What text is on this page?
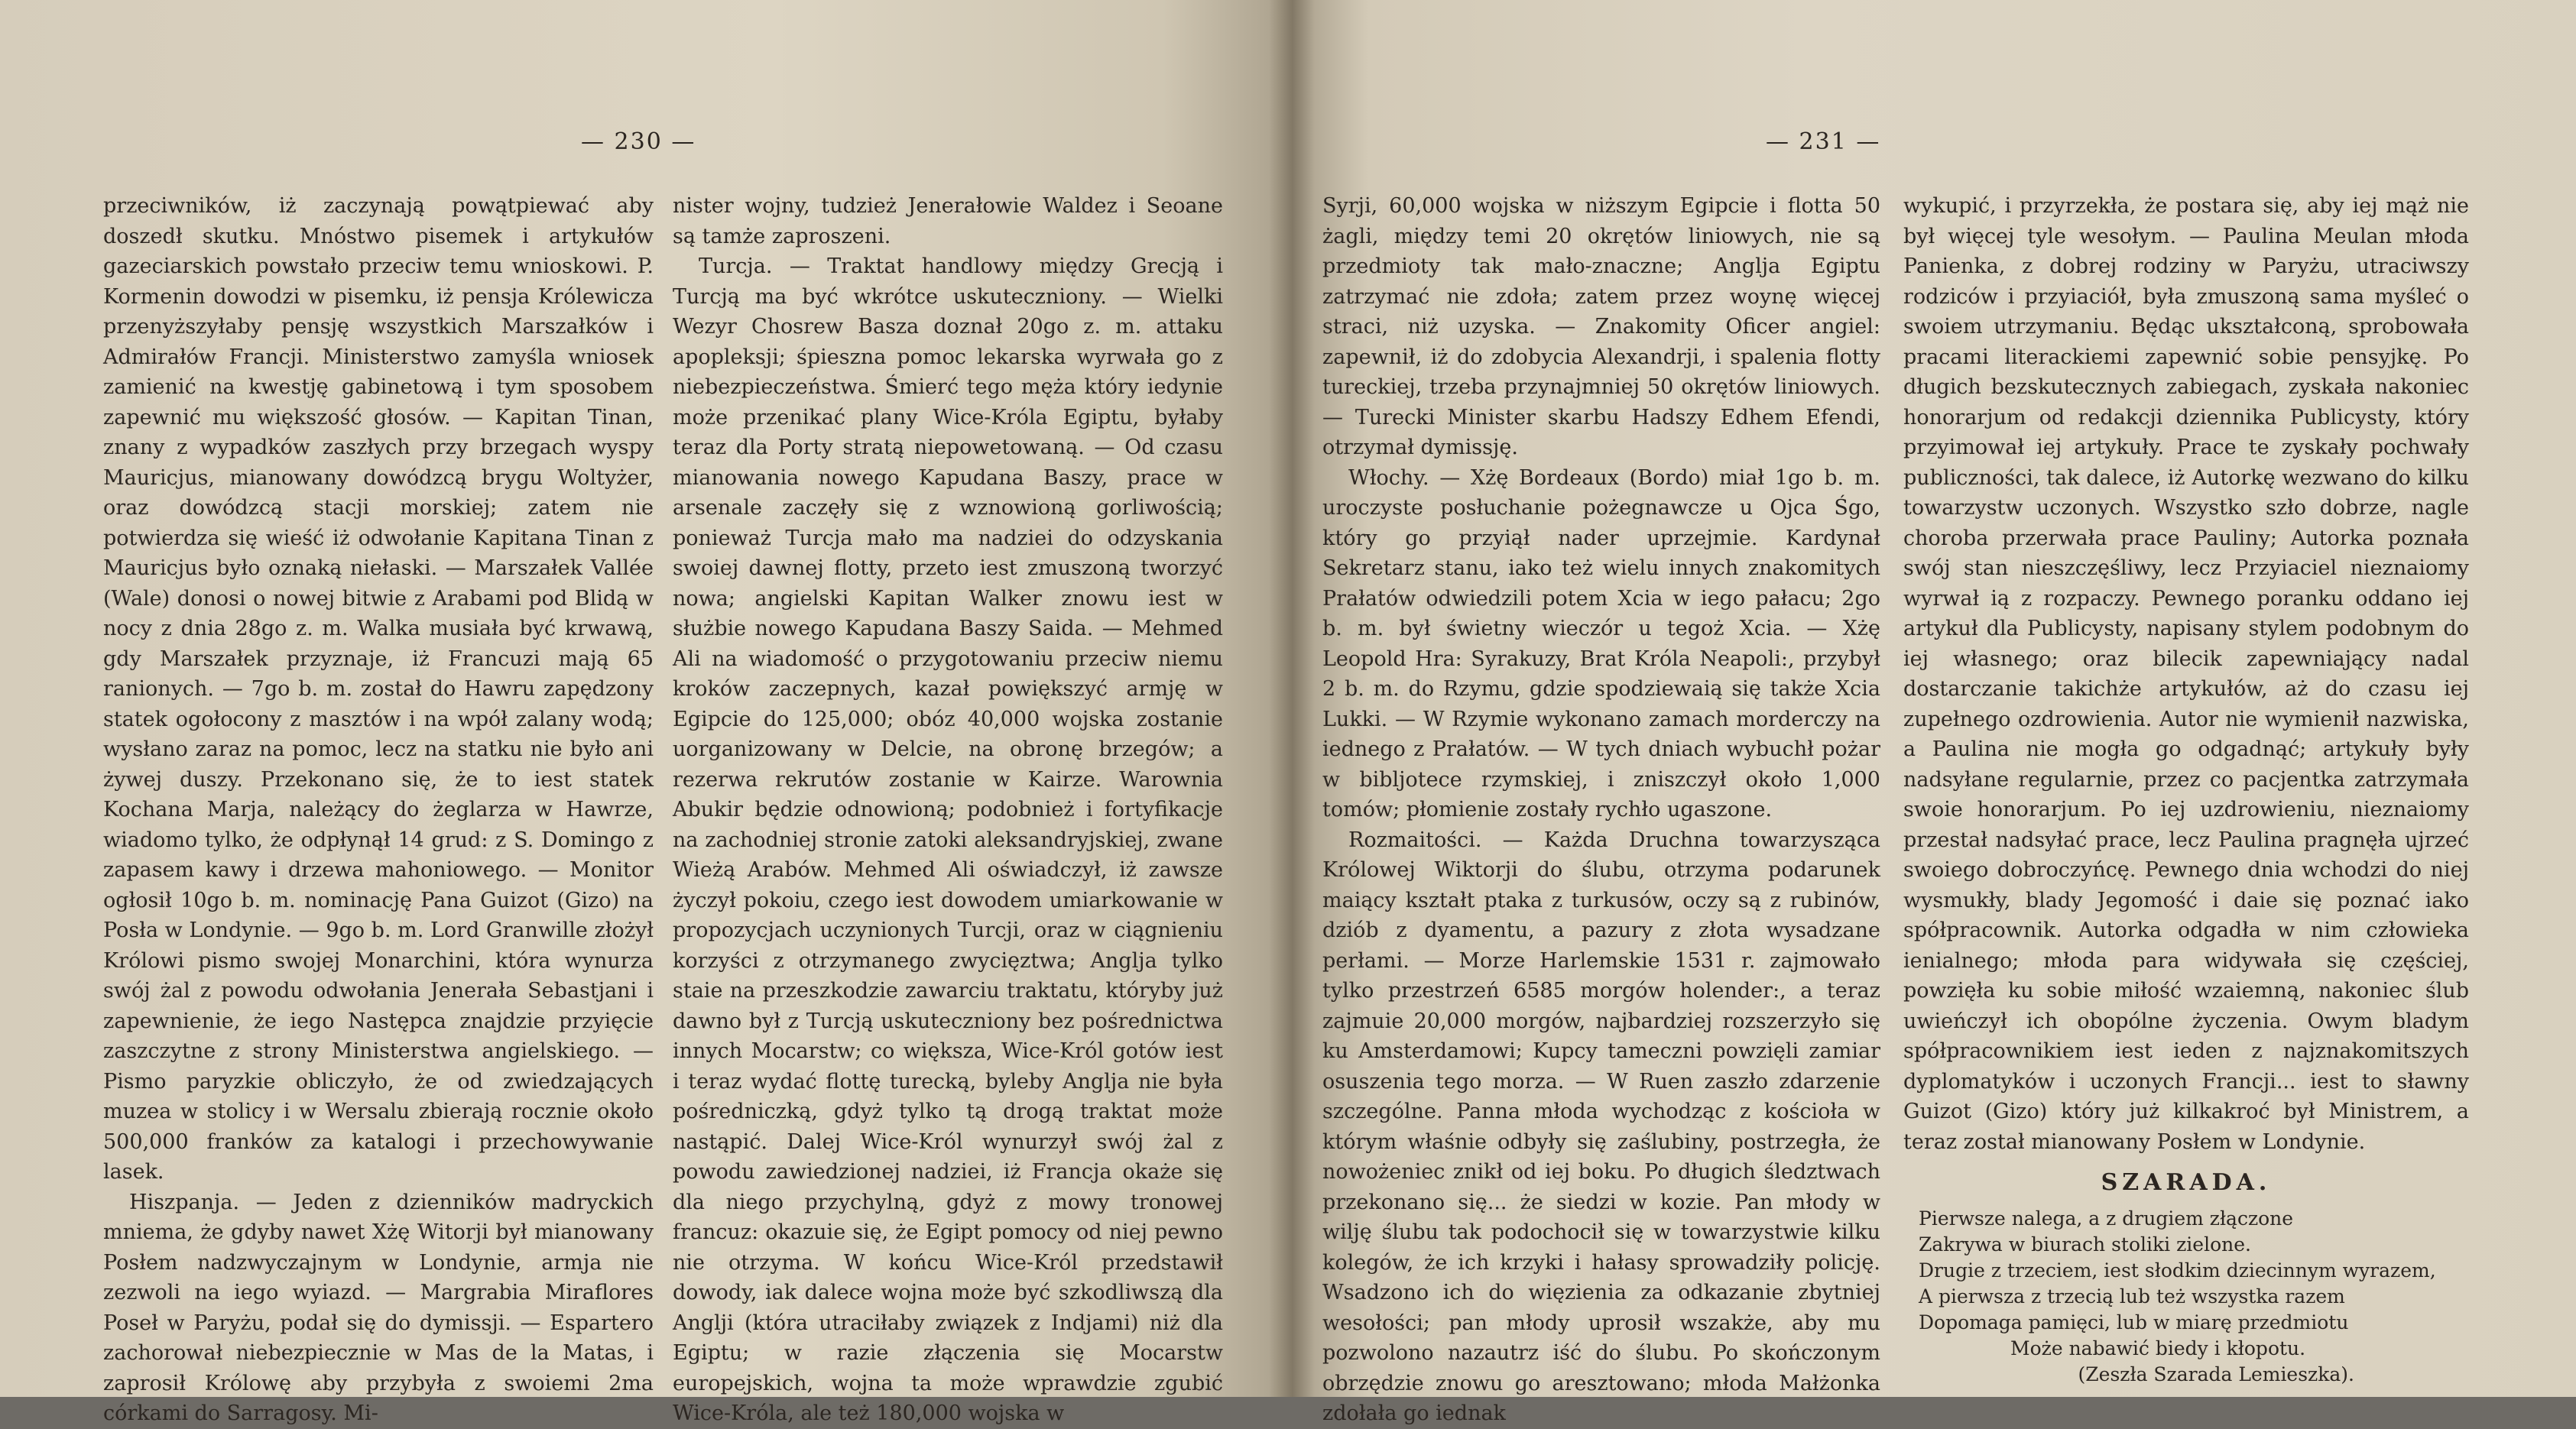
— 230 —

przeciwników, iż zaczynają powątpiewać aby doszedł skutku. Mnóstwo pisemek i artykułów gazeciarskich powstało przeciw temu wnioskowi. P. Kormenin dowodzi w pisemku, iż pensja Królewicza przenyższyłaby pensję wszystkich Marszałków i Admirałów Francji. Ministerstwo zamyśla wniosek zamienić na kwestję gabinetową i tym sposobem zapewnić mu większość głosów. — Kapitan Tinan, znany z wypadków zaszłych przy brzegach wyspy Mauricjus, mianowany dowódzcą brygu Woltyżer, oraz dowódzcą stacji morskiej; zatem nie potwierdza się wieść iż odwołanie Kapitana Tinan z Mauricjus było oznaką niełaski. — Marszałek Vallée (Wale) donosi o nowej bitwie z Arabami pod Blidą w nocy z dnia 28go z. m. Walka musiała być krwawą, gdy Marszałek przyznaje, iż Francuzi mają 65 ranionych. — 7go b. m. został do Hawru zapędzony statek ogołocony z masztów i na wpół zalany wodą; wysłano zaraz na pomoc, lecz na statku nie było ani żywej duszy. Przekonano się, że to iest statek Kochana Marja, należący do żeglarza w Hawrze, wiadomo tylko, że odpłynął 14 grud: z S. Domingo z zapasem kawy i drzewa mahoniowego. — Monitor ogłosił 10go b. m. nominację Pana Guizot (Gizo) na Posła w Londynie. — 9go b. m. Lord Granwille złożył Królowi pismo swojej Monarchini, która wynurza swój żal z powodu odwołania Jenerała Sebastjani i zapewnienie, że iego Następca znajdzie przyięcie zaszczytne z strony Ministerstwa angielskiego. — Pismo paryzkie obliczyło, że od zwiedzających muzea w stolicy i w Wersalu zbierają rocznie około 500,000 franków za katalogi i przechowywanie lasek.

Hiszpanja. — Jeden z dzienników madryckich mniema, że gdyby nawet Xżę Witorji był mianowany Posłem nadzwyczajnym w Londynie, armja nie zezwoli na iego wyiazd. — Margrabia Miraflores Poseł w Paryżu, podał się do dymissji. — Espartero zachorował niebezpiecznie w Mas de la Matas, i zaprosił Królowę aby przybyła z swoiemi 2ma córkami do Sarragosy. Mi-

nister wojny, tudzież Jenerałowie Waldez i Seoane są tamże zaproszeni.

Turcja. — Traktat handlowy między Grecją i Turcją ma być wkrótce uskuteczniony. — Wielki Wezyr Chosrew Basza doznał 20go z. m. attaku apopleksji; śpieszna pomoc lekarska wyrwała go z niebezpieczeństwa. Śmierć tego męża który iedynie może przenikać plany Wice-Króla Egiptu, byłaby teraz dla Porty stratą niepowetowaną. — Od czasu mianowania nowego Kapudana Baszy, prace w arsenale zaczęły się z wznowioną gorliwością; ponieważ Turcja mało ma nadziei do odzyskania swoiej dawnej flotty, przeto iest zmuszoną tworzyć nowa; angielski Kapitan Walker znowu iest w służbie nowego Kapudana Baszy Saida. — Mehmed Ali na wiadomość o przygotowaniu przeciw niemu kroków zaczepnych, kazał powiększyć armję w Egipcie do 125,000; obóz 40,000 wojska zostanie uorganizowany w Delcie, na obronę brzegów; a rezerwa rekrutów zostanie w Kairze. Warownia Abukir będzie odnowioną; podobnież i fortyfikacje na zachodniej stronie zatoki aleksandryjskiej, zwane Wieżą Arabów. Mehmed Ali oświadczył, iż zawsze życzył pokoiu, czego iest dowodem umiarkowanie w propozycjach uczynionych Turcji, oraz w ciągnieniu korzyści z otrzymanego zwycięztwa; Anglja tylko staie na przeszkodzie zawarciu traktatu, któryby już dawno był z Turcją uskuteczniony bez pośrednictwa innych Mocarstw; co większa, Wice-Król gotów iest i teraz wydać flottę turecką, byleby Anglja nie była pośredniczką, gdyż tylko tą drogą traktat może nastąpić. Dalej Wice-Król wynurzył swój żal z powodu zawiedzionej nadziei, iż Francja okaże się dla niego przychylną, gdyż z mowy tronowej francuz: okazuie się, że Egipt pomocy od niej pewno nie otrzyma. W końcu Wice-Król przedstawił dowody, iak dalece wojna może być szkodliwszą dla Anglji (która utraciłaby związek z Indjami) niż dla Egiptu; w razie złączenia się Mocarstw europejskich, wojna ta może wprawdzie zgubić Wice-Króla, ale też 180,000 wojska w

— 231 —

Syrji, 60,000 wojska w niższym Egipcie i flotta 50 żagli, między temi 20 okrętów liniowych, nie są przedmioty tak mało-znaczne; Anglja Egiptu zatrzymać nie zdoła; zatem przez woynę więcej straci, niż uzyska. — Znakomity Oficer angiel: zapewnił, iż do zdobycia Alexandrji, i spalenia flotty tureckiej, trzeba przynajmniej 50 okrętów liniowych. — Turecki Minister skarbu Hadszy Edhem Efendi, otrzymał dymissję.

Włochy. — Xżę Bordeaux (Bordo) miał 1go b. m. uroczyste posłuchanie pożegnawcze u Ojca Śgo, który go przyiął nader uprzejmie. Kardynał Sekretarz stanu, iako też wielu innych znakomitych Prałatów odwiedzili potem Xcia w iego pałacu; 2go b. m. był świetny wieczór u tegoż Xcia. — Xżę Leopold Hra: Syrakuzy, Brat Króla Neapoli:, przybył 2 b. m. do Rzymu, gdzie spodziewaią się także Xcia Lukki. — W Rzymie wykonano zamach morderczy na iednego z Prałatów. — W tych dniach wybuchł pożar w bibljotece rzymskiej, i zniszczył około 1,000 tomów; płomienie zostały rychło ugaszone.

Rozmaitości. — Każda Druchna towarzysząca Królowej Wiktorji do ślubu, otrzyma podarunek maiący kształt ptaka z turkusów, oczy są z rubinów, dziób z dyamentu, a pazury z złota wysadzane perłami. — Morze Harlemskie 1531 r. zajmowało tylko przestrzeń 6585 morgów holender:, a teraz zajmuie 20,000 morgów, najbardziej rozszerzyło się ku Amsterdamowi; Kupcy tameczni powzięli zamiar osuszenia tego morza. — W Ruen zaszło zdarzenie szczególne. Panna młoda wychodząc z kościoła w którym właśnie odbyły się zaślubiny, postrzegła, że nowożeniec znikł od iej boku. Po długich śledztwach przekonano się... że siedzi w kozie. Pan młody w wilję ślubu tak podochocił się w towarzystwie kilku kolegów, że ich krzyki i hałasy sprowadziły policję. Wsadzono ich do więzienia za odkazanie zbytniej wesołości; pan młody uprosił wszakże, aby mu pozwolono nazautrz iść do ślubu. Po skończonym obrzędzie znowu go aresztowano; młoda Małżonka zdołała go iednak

wykupić, i przyrzekła, że postara się, aby iej mąż nie był więcej tyle wesołym. — Paulina Meulan młoda Panienka, z dobrej rodziny w Paryżu, utraciwszy rodziców i przyiaciół, była zmuszoną sama myśleć o swoiem utrzymaniu. Będąc ukształconą, sprobowała pracami literackiemi zapewnić sobie pensyjkę. Po długich bezskutecznych zabiegach, zyskała nakoniec honorarjum od redakcji dziennika Publicysty, który przyimował iej artykuły. Prace te zyskały pochwały publiczności, tak dalece, iż Autorkę wezwano do kilku towarzystw uczonych. Wszystko szło dobrze, nagle choroba przerwała prace Pauliny; Autorka poznała swój stan nieszczęśliwy, lecz Przyiaciel nieznaiomy wyrwał ią z rozpaczy. Pewnego poranku oddano iej artykuł dla Publicysty, napisany stylem podobnym do iej własnego; oraz bilecik zapewniający nadal dostarczanie takichże artykułów, aż do czasu iej zupełnego ozdrowienia. Autor nie wymienił nazwiska, a Paulina nie mogła go odgadnąć; artykuły były nadsyłane regularnie, przez co pacjentka zatrzymała swoie honorarjum. Po iej uzdrowieniu, nieznaiomy przestał nadsyłać prace, lecz Paulina pragnęła ujrzeć swoiego dobroczyńcę. Pewnego dnia wchodzi do niej wysmukły, blady Jegomość i daie się poznać iako spółpracownik. Autorka odgadła w nim człowieka ienialnego; młoda para widywała się częściej, powzięła ku sobie miłość wzaiemną, nakoniec ślub uwieńczył ich obopólne życzenia. Owym bladym spółpracownikiem iest ieden z najznakomitszych dyplomatyków i uczonych Francji... iest to sławny Guizot (Gizo) który już kilkakroć był Ministrem, a teraz został mianowany Posłem w Londynie.

SZARADA.
Pierwsze nalega, a z drugiem złączone
Zakrywa w biurach stoliki zielone.
Drugie z trzeciem, iest słodkim dziecinnym wyrazem,
A pierwsza z trzecią lub też wszystka razem
Dopomaga pamięci, lub w miarę przedmiotu
Może nabawić biedy i kłopotu.
(Zeszła Szarada Lemieszka).
